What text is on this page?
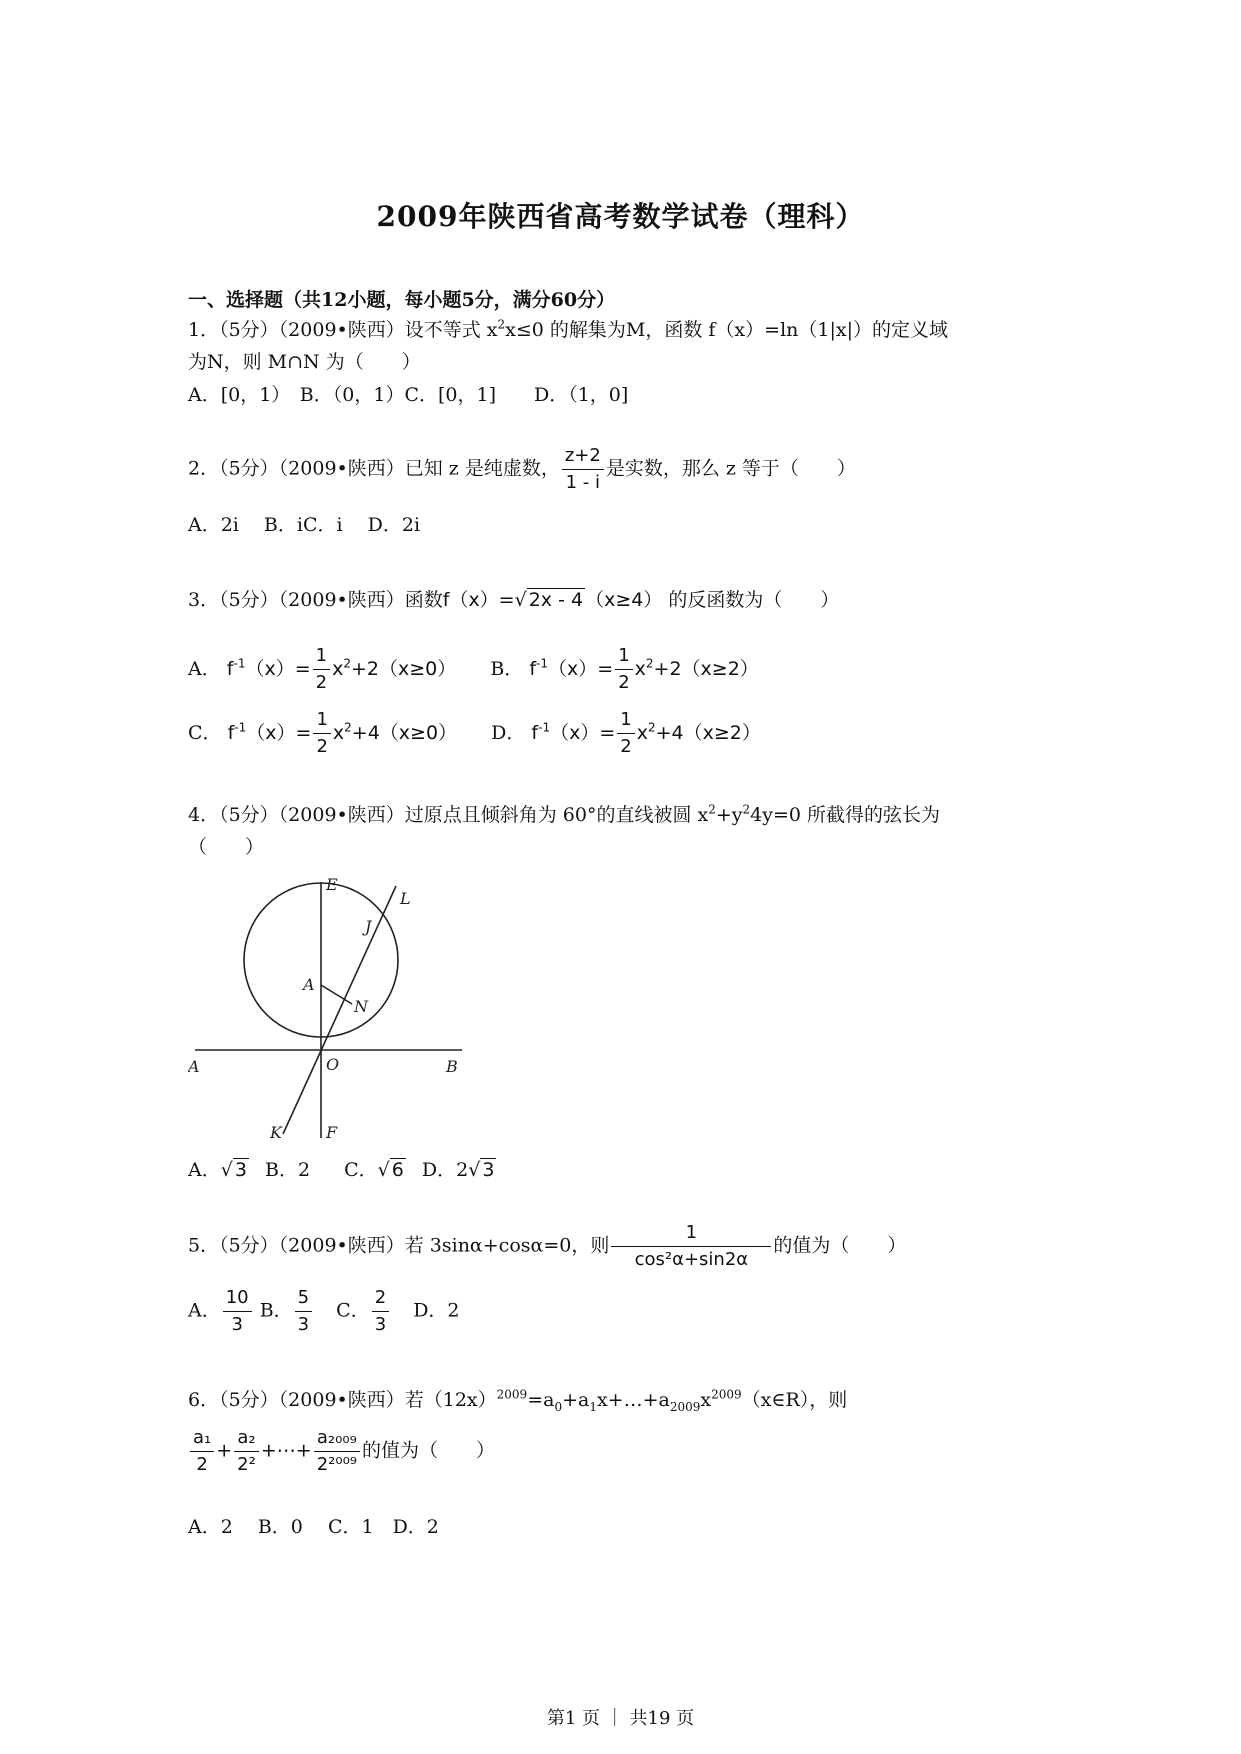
2009年陕西省高考数学试卷（理科）
一、选择题（共12小题，每小题5分，满分60分）
1．（5分）（2009•陕西）设不等式 $x^2x\le 0$ 的解集为M，函数 f（x）=ln（1|x|）的定义域
为N，则 M∩N 为（　　）
A．[0，1）　B．（0，1）C．[0，1]　　D．（1，0]
2．（5分）（2009•陕西）已知 z 是纯虚数， $\frac{z+2}{1 - i}$ 是实数，那么 z 等于（　　）
A．2i　 B．iC．i　 D．2i
3．（5分）（2009•陕西）函数f（x）=√ 2x - 4 （x≥4） 的反函数为（　　）
A． $f^{-1}(x)= \frac{1}{2} x^2+2(x\ge 0)$ B． $f^{-1}(x)= \frac{1}{2} x^2+2(x\ge 2)$
C． $f^{-1}(x)= \frac{1}{2} x^2+4(x\ge 0)$ D． $f^{-1}(x)= \frac{1}{2} x^2+4(x\ge 2)$
4．（5分）（2009•陕西）过原点且倾斜角为 60°的直线被圆 $x^2+y^24y=0$ 所截得的弦长为
（　　）
E
L
J
A
N
O	B
A
K	F
A．√ 3 B．2 C．√ 6 D．2√ 3
5．（5分）（2009•陕西）若 3sinα+cosα=0，则 $\frac{1}{\text{cos²α+sin2α}}$ 的值为（　　）
A． $\frac{10}{3}$ B． $\frac{5}{3}$ C． $\frac{2}{3}$ D．2
6．（5分）（2009•陕西）若$(12x)^{2009}=a_0+a_1x+\dots+a_{2009}x^{2009}(x\in R)$，则
$\frac{\text{a₁}}{2} + \frac{\text{a₂}}{\text{2²}}$ +⋯+ $\frac{\text{a₂₀₀₉}}{\text{2²⁰⁰⁹}}$ 的值为（　　）
A．2　 B．0　 C．1　D．2
第1 页 ｜ 共19 页
